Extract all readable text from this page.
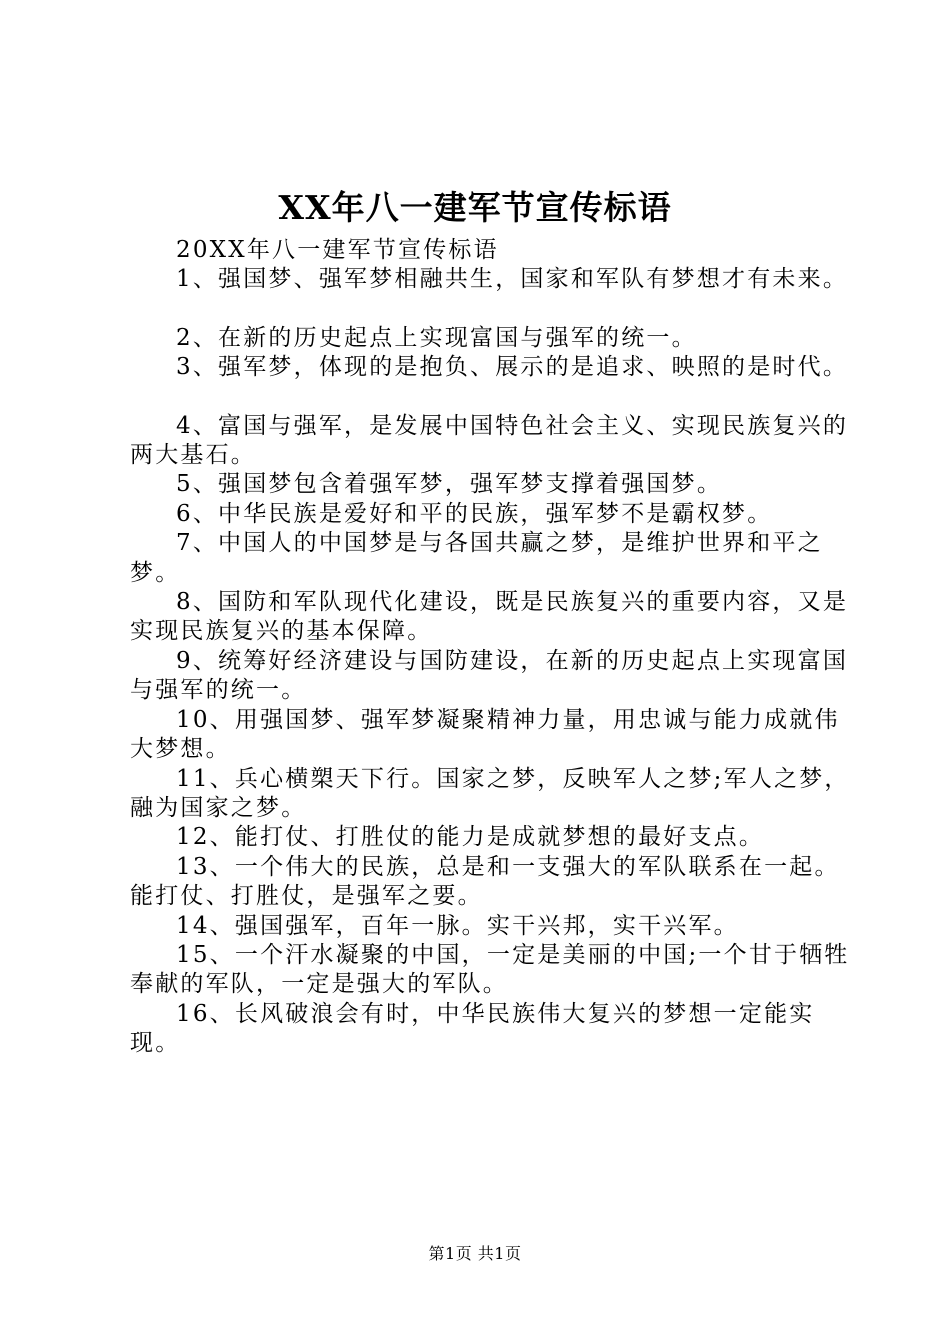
XX年八一建军节宣传标语

20XX年八一建军节宣传标语

1、强国梦、强军梦相融共生，国家和军队有梦想才有未来。

2、在新的历史起点上实现富国与强军的统一。

3、强军梦，体现的是抱负、展示的是追求、映照的是时代。

4、富国与强军，是发展中国特色社会主义、实现民族复兴的两大基石。

5、强国梦包含着强军梦，强军梦支撑着强国梦。

6、中华民族是爱好和平的民族，强军梦不是霸权梦。

7、中国人的中国梦是与各国共赢之梦，是维护世界和平之梦。

8、国防和军队现代化建设，既是民族复兴的重要内容，又是实现民族复兴的基本保障。

9、统筹好经济建设与国防建设，在新的历史起点上实现富国与强军的统一。

10、用强国梦、强军梦凝聚精神力量，用忠诚与能力成就伟大梦想。

11、兵心横槊天下行。国家之梦，反映军人之梦;军人之梦，融为国家之梦。

12、能打仗、打胜仗的能力是成就梦想的最好支点。

13、一个伟大的民族，总是和一支强大的军队联系在一起。能打仗、打胜仗，是强军之要。

14、强国强军，百年一脉。实干兴邦，实干兴军。

15、一个汗水凝聚的中国，一定是美丽的中国;一个甘于牺牲奉献的军队，一定是强大的军队。

16、长风破浪会有时，中华民族伟大复兴的梦想一定能实现。

第1页 共1页
